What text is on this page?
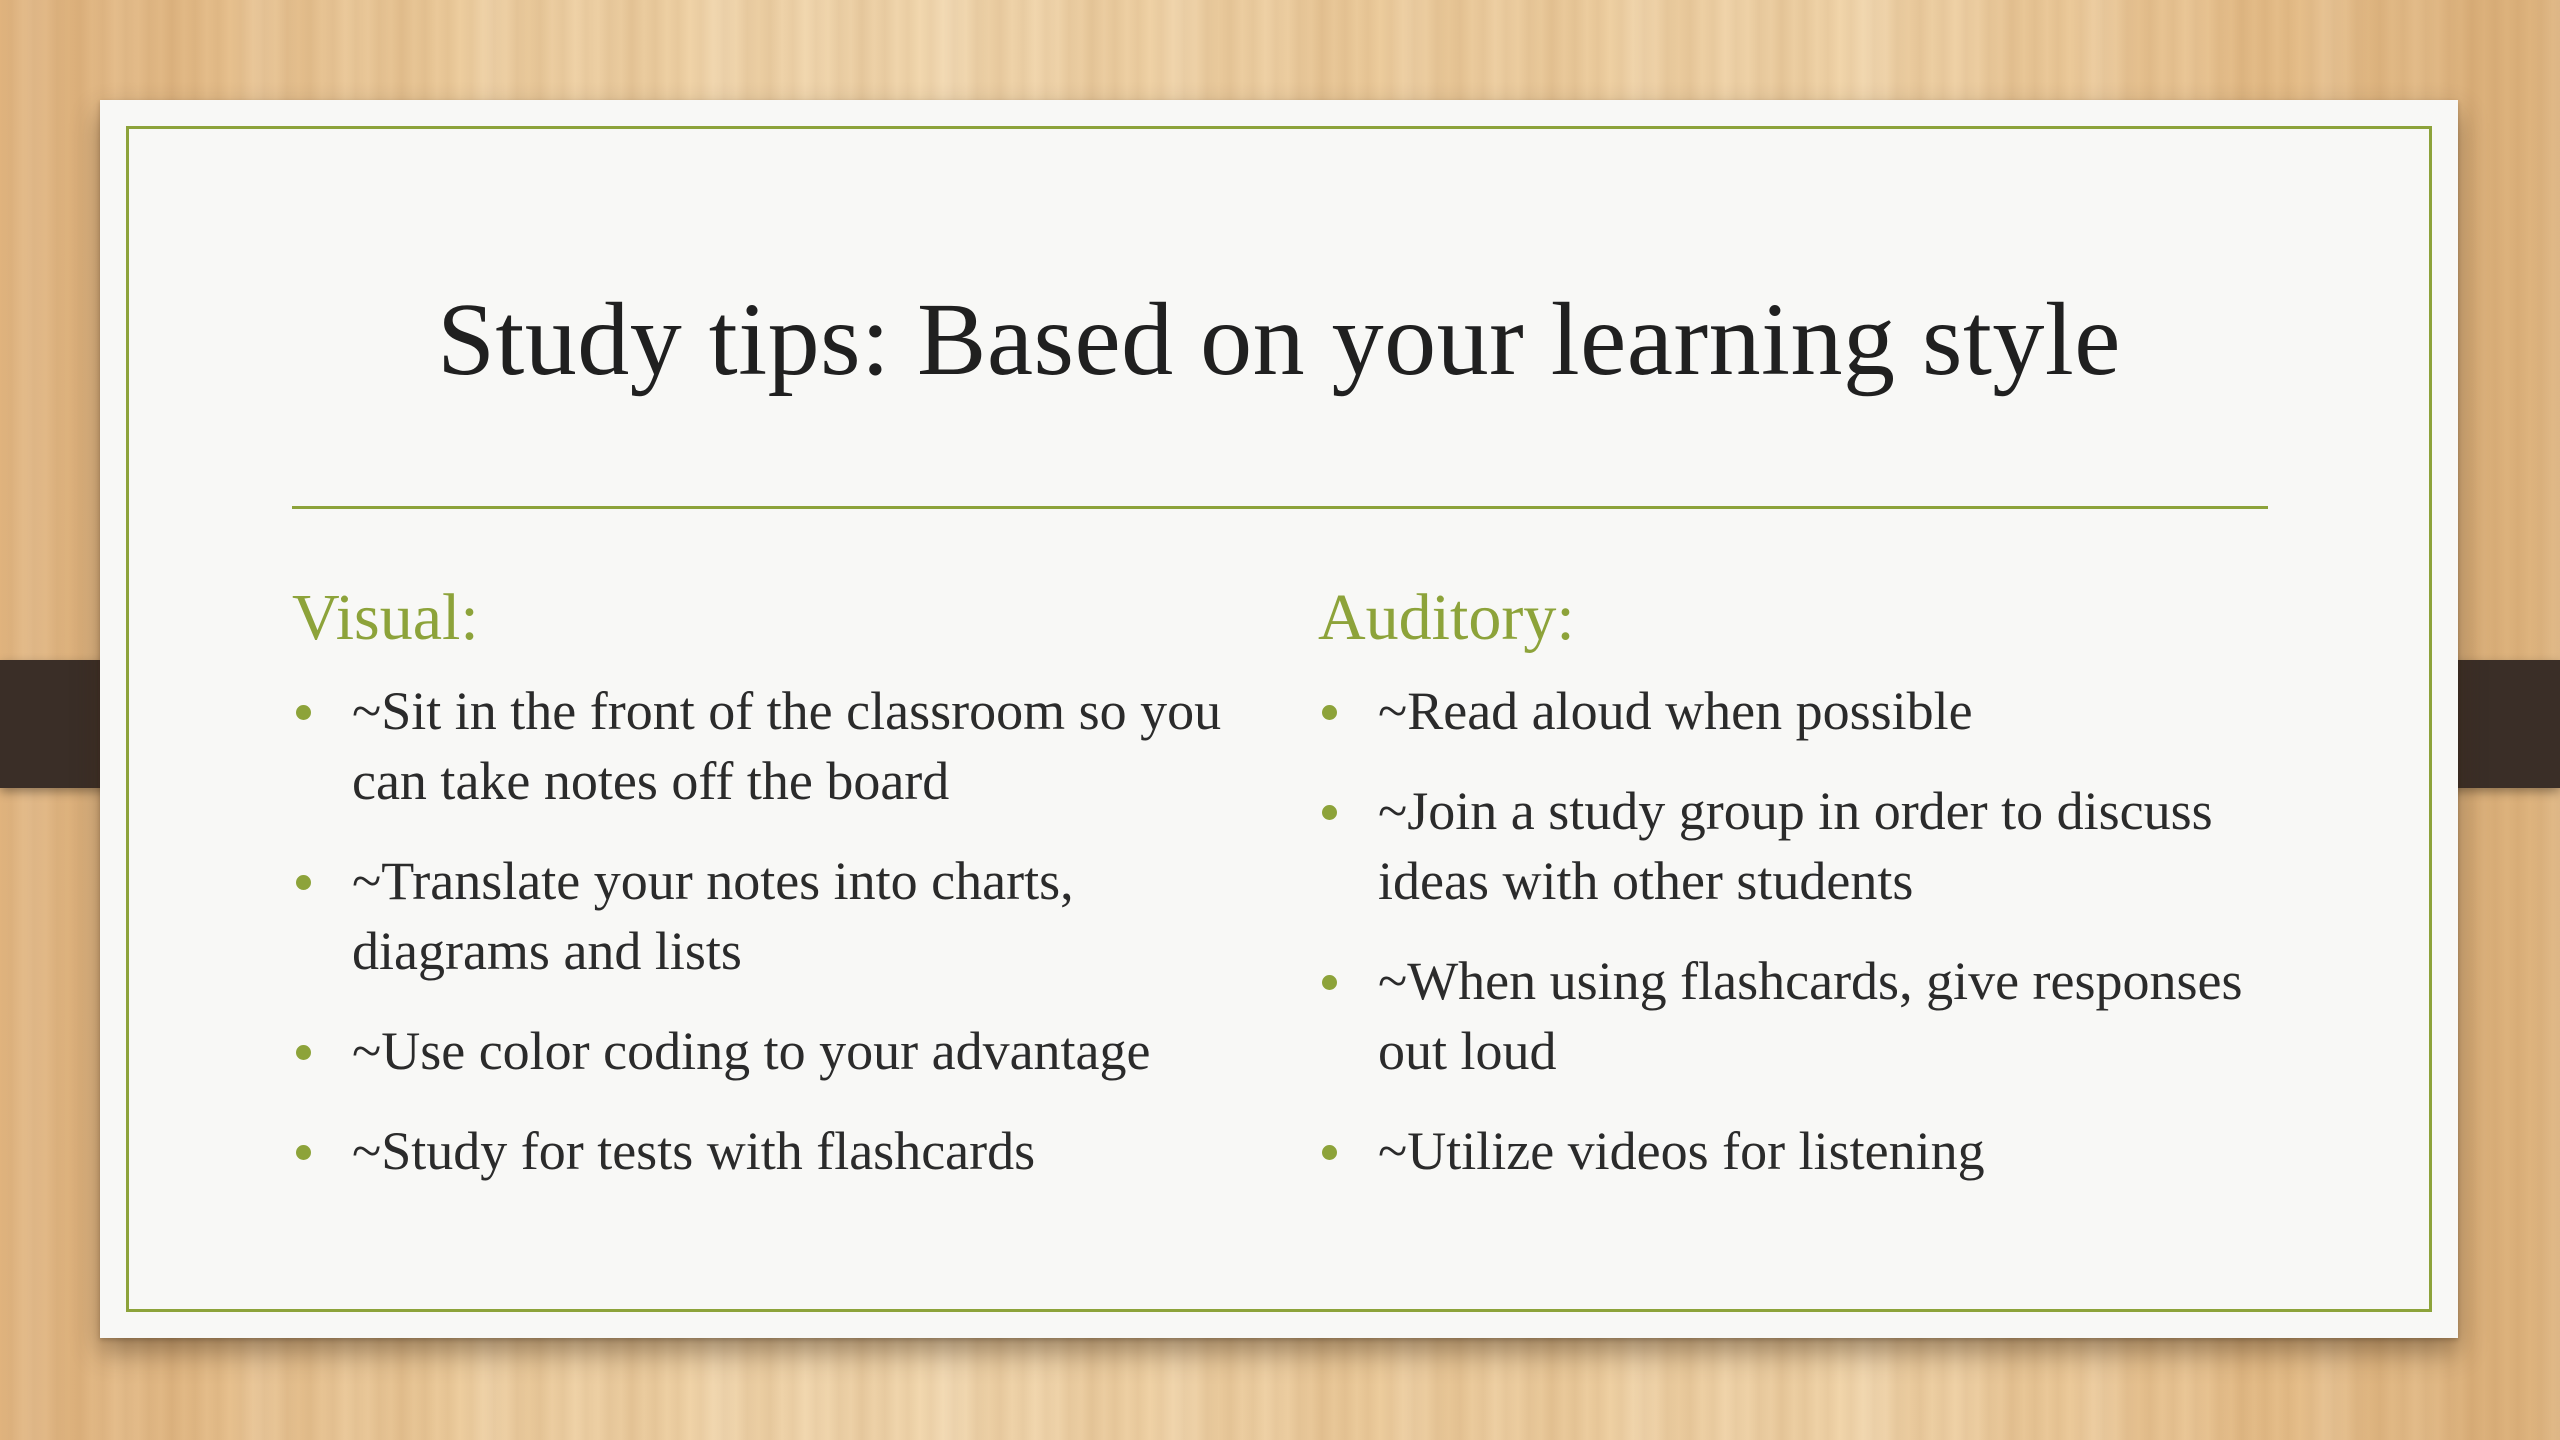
Study tips: Based on your learning style
Visual:
~Sit in the front of the classroom so you can take notes off the board
~Translate your notes into charts, diagrams and lists
~Use color coding to your advantage
~Study for tests with flashcards
Auditory:
~Read aloud when possible
~Join a study group in order to discuss ideas with other students
~When using flashcards, give responses out loud
~Utilize videos for listening
